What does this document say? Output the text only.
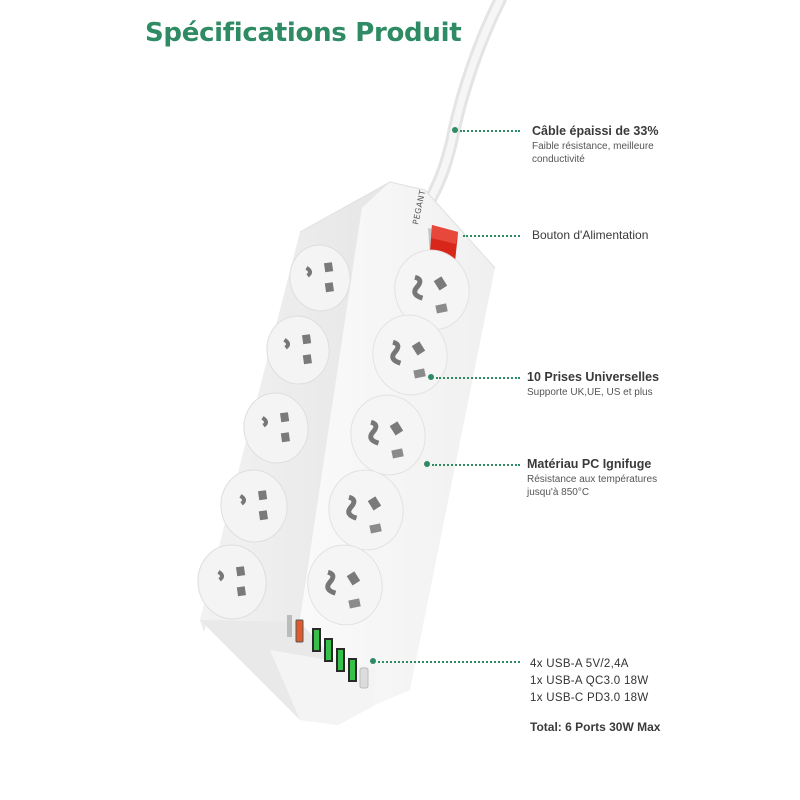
Spécifications Produit
PEGANT
Câble épaissi de 33%
Faible résistance, meilleure
conductivité
Bouton d'Alimentation
10 Prises Universelles
Supporte UK,UE, US et plus
Matériau PC Ignifuge
Résistance aux températures
jusqu'à 850°C
4x USB-A 5V/2,4A
1x USB-A QC3.0 18W
1x USB-C PD3.0 18W
Total: 6 Ports 30W Max
